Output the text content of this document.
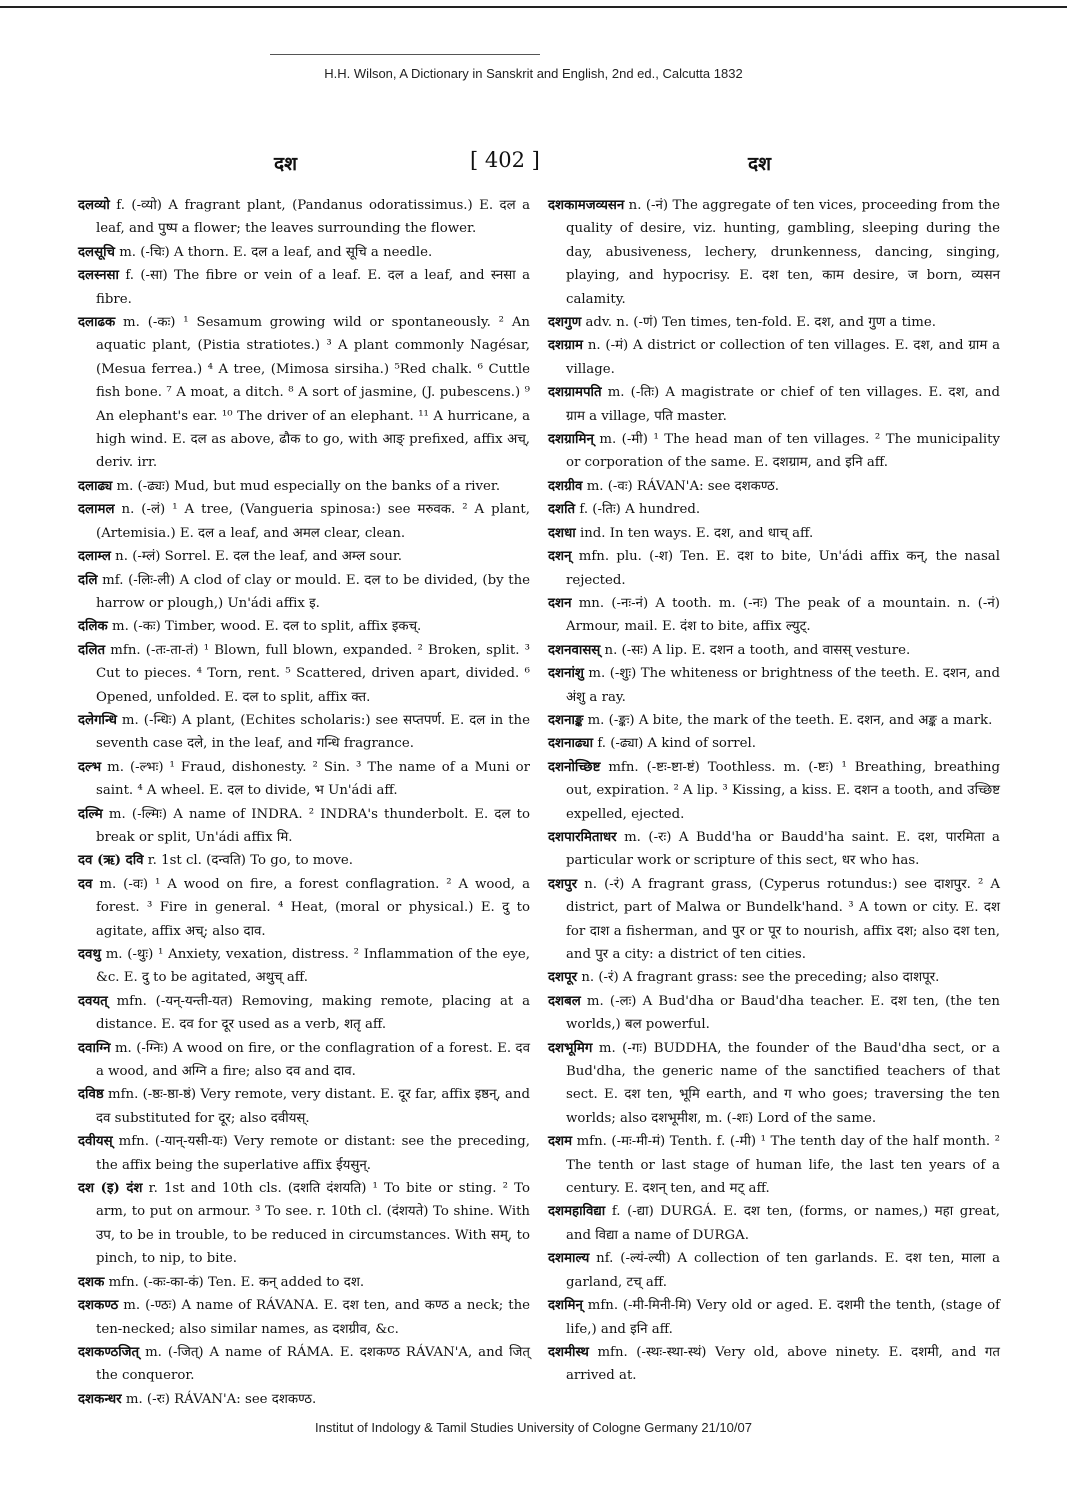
H.H. Wilson, A Dictionary in Sanskrit and English, 2nd ed., Calcutta 1832
दश	[ 402 ]	दश

दलव्यो f. (-व्यो) A fragrant plant, (Pandanus odoratissimus.) E. दल a leaf, and पुष्प a flower; the leaves surrounding the flower.

दलसूचि m. (-चिः) A thorn. E. दल a leaf, and सूचि a needle.

दलस्नसा f. (-सा) The fibre or vein of a leaf. E. दल a leaf, and स्नसा a fibre.

दलाढक m. (-कः) ¹ Sesamum growing wild or spontaneously. ² An aquatic plant, (Pistia stratiotes.) ³ A plant commonly Nagésar, (Mesua ferrea.) ⁴ A tree, (Mimosa sirsiha.) ⁵Red chalk. ⁶ Cuttle fish bone. ⁷ A moat, a ditch. ⁸ A sort of jasmine, (J. pubescens.) ⁹ An elephant's ear. ¹⁰ The driver of an elephant. ¹¹ A hurricane, a high wind. E. दल as above, ढौक to go, with आङ् prefixed, affix अच्, deriv. irr.

दलाढ्य m. (-ढ्यः) Mud, but mud especially on the banks of a river.

दलामल n. (-लं) ¹ A tree, (Vangueria spinosa:) see मरुवक. ² A plant, (Artemisia.) E. दल a leaf, and अमल clear, clean.

दलाम्ल n. (-म्लं) Sorrel. E. दल the leaf, and अम्ल sour.

दलि mf. (-लिः-ली) A clod of clay or mould. E. दल to be divided, (by the harrow or plough,) Un'ádi affix इ.

दलिक m. (-कः) Timber, wood. E. दल to split, affix इकच्.

दलित mfn. (-तः-ता-तं) ¹ Blown, full blown, expanded. ² Broken, split. ³ Cut to pieces. ⁴ Torn, rent. ⁵ Scattered, driven apart, divided. ⁶ Opened, unfolded. E. दल to split, affix क्त.

दलेगन्धि m. (-न्धिः) A plant, (Echites scholaris:) see सप्तपर्ण. E. दल in the seventh case दले, in the leaf, and गन्धि fragrance.

दल्भ m. (-ल्भः) ¹ Fraud, dishonesty. ² Sin. ³ The name of a Muni or saint. ⁴ A wheel. E. दल to divide, भ Un'ádi aff.

दल्मि m. (-ल्मिः) A name of INDRA. ² INDRA's thunderbolt. E. दल to break or split, Un'ádi affix मि.

दव (ऋ) दवि r. 1st cl. (दन्वति) To go, to move.

दव m. (-वः) ¹ A wood on fire, a forest conflagration. ² A wood, a forest. ³ Fire in general. ⁴ Heat, (moral or physical.) E. दु to agitate, affix अच्; also दाव.

दवथु m. (-थुः) ¹ Anxiety, vexation, distress. ² Inflammation of the eye, &c. E. दु to be agitated, अथुच् aff.

दवयत् mfn. (-यन्-यन्ती-यत) Removing, making remote, placing at a distance. E. दव for दूर used as a verb, शतृ aff.

दवाग्नि m. (-ग्निः) A wood on fire, or the conflagration of a forest. E. दव a wood, and अग्नि a fire; also दव and दाव.

दविष्ठ mfn. (-ष्ठः-ष्ठा-ष्ठं) Very remote, very distant. E. दूर far, affix इष्ठन्, and दव substituted for दूर; also दवीयस्.

दवीयस् mfn. (-यान्-यसी-यः) Very remote or distant: see the preceding, the affix being the superlative affix ईयसुन्.

दश (इ) दंश r. 1st and 10th cls. (दशति दंशयति) ¹ To bite or sting. ² To arm, to put on armour. ³ To see. r. 10th cl. (दंशयते) To shine. With उप, to be in trouble, to be reduced in circumstances. With सम्, to pinch, to nip, to bite.

दशक mfn. (-कः-का-कं) Ten. E. कन् added to दश.

दशकण्ठ m. (-ण्ठः) A name of RÁVANA. E. दश ten, and कण्ठ a neck; the ten-necked; also similar names, as दशग्रीव, &c.

दशकण्ठजित् m. (-जित्) A name of RÁMA. E. दशकण्ठ RÁVAN'A, and जित् the conqueror.

दशकन्धर m. (-रः) RÁVAN'A: see दशकण्ठ.

दशकामजव्यसन n. (-नं) The aggregate of ten vices, proceeding from the quality of desire, viz. hunting, gambling, sleeping during the day, abusiveness, lechery, drunkenness, dancing, singing, playing, and hypocrisy. E. दश ten, काम desire, ज born, व्यसन calamity.

दशगुण adv. n. (-णं) Ten times, ten-fold. E. दश, and गुण a time.

दशग्राम n. (-मं) A district or collection of ten villages. E. दश, and ग्राम a village.

दशग्रामपति m. (-तिः) A magistrate or chief of ten villages. E. दश, and ग्राम a village, पति master.

दशग्रामिन् m. (-मी) ¹ The head man of ten villages. ² The municipality or corporation of the same. E. दशग्राम, and इनि aff.

दशग्रीव m. (-वः) RÁVAN'A: see दशकण्ठ.

दशति f. (-तिः) A hundred.

दशधा ind. In ten ways. E. दश, and धाच् aff.

दशन् mfn. plu. (-श) Ten. E. दश to bite, Un'ádi affix कन्, the nasal rejected.

दशन mn. (-नः-नं) A tooth. m. (-नः) The peak of a mountain. n. (-नं) Armour, mail. E. दंश to bite, affix ल्युट्.

दशनवासस् n. (-सः) A lip. E. दशन a tooth, and वासस् vesture.

दशनांशु m. (-शुः) The whiteness or brightness of the teeth. E. दशन, and अंशु a ray.

दशनाङ्क m. (-ङ्कः) A bite, the mark of the teeth. E. दशन, and अङ्क a mark.

दशनाढ्या f. (-ढ्या) A kind of sorrel.

दशनोच्छिष्ट mfn. (-ष्टः-ष्टा-ष्टं) Toothless. m. (-ष्टः) ¹ Breathing, breathing out, expiration. ² A lip. ³ Kissing, a kiss. E. दशन a tooth, and उच्छिष्ट expelled, ejected.

दशपारमिताधर m. (-रः) A Budd'ha or Baudd'ha saint. E. दश, पारमिता a particular work or scripture of this sect, धर who has.

दशपुर n. (-रं) A fragrant grass, (Cyperus rotundus:) see दाशपुर. ² A district, part of Malwa or Bundelk'hand. ³ A town or city. E. दश for दाश a fisherman, and पुर or पूर to nourish, affix दश; also दश ten, and पुर a city: a district of ten cities.

दशपूर n. (-रं) A fragrant grass: see the preceding; also दाशपूर.

दशबल m. (-लः) A Bud'dha or Baud'dha teacher. E. दश ten, (the ten worlds,) बल powerful.

दशभूमिग m. (-गः) BUDDHA, the founder of the Baud'dha sect, or a Bud'dha, the generic name of the sanctified teachers of that sect. E. दश ten, भूमि earth, and ग who goes; traversing the ten worlds; also दशभूमीश, m. (-शः) Lord of the same.

दशम mfn. (-मः-मी-मं) Tenth. f. (-मी) ¹ The tenth day of the half month. ² The tenth or last stage of human life, the last ten years of a century. E. दशन् ten, and मट् aff.

दशमहाविद्या f. (-द्या) DURGÁ. E. दश ten, (forms, or names,) महा great, and विद्या a name of DURGA.

दशमाल्य nf. (-ल्यं-ल्यी) A collection of ten garlands. E. दश ten, माला a garland, टच् aff.

दशमिन् mfn. (-मी-मिनी-मि) Very old or aged. E. दशमी the tenth, (stage of life,) and इनि aff.

दशमीस्थ mfn. (-स्थः-स्था-स्थं) Very old, above ninety. E. दशमी, and गत arrived at.

Institut of Indology & Tamil Studies University of Cologne Germany 21/10/07
